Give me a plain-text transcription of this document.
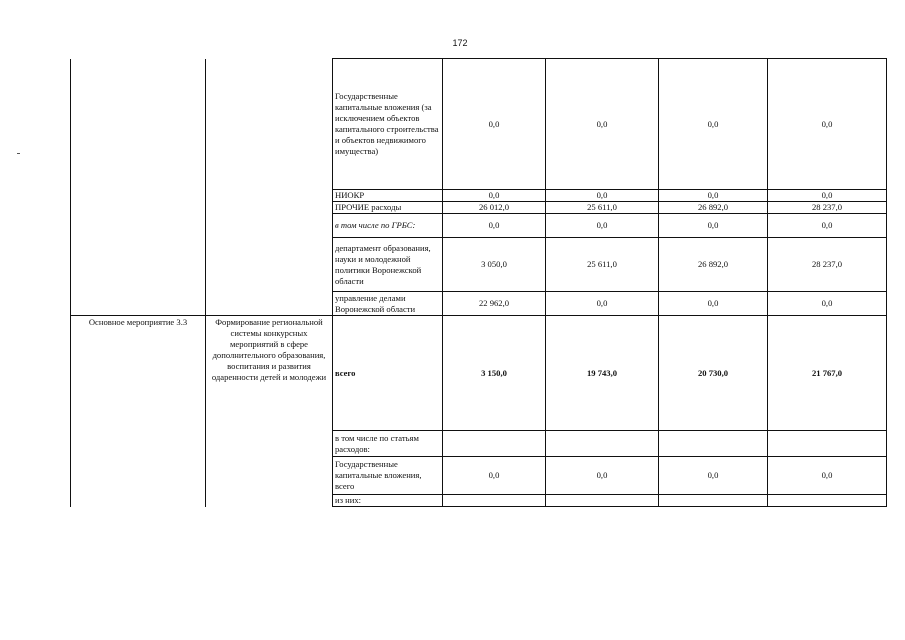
172
		Государственные капитальные вложения (за исключением объектов капитального строительства и объектов недвижимого имущества)	0,0	0,0	0,0	0,0
		НИОКР	0,0	0,0	0,0	0,0
		ПРОЧИЕ расходы	26 012,0	25 611,0	26 892,0	28 237,0
		в том числе по ГРБС:	0,0	0,0	0,0	0,0
		департамент образования, науки и молодежной политики Воронежской области	3 050,0	25 611,0	26 892,0	28 237,0
		управление делами Воронежской области	22 962,0	0,0	0,0	0,0
Основное мероприятие 3.3	Формирование региональной системы конкурсных мероприятий в сфере дополнительного образования, воспитания и развития одаренности детей и молодежи	всего	3 150,0	19 743,0	20 730,0	21 767,0
		в том числе по статьям расходов:				
		Государственные капитальные вложения, всего	0,0	0,0	0,0	0,0
		из них:				
